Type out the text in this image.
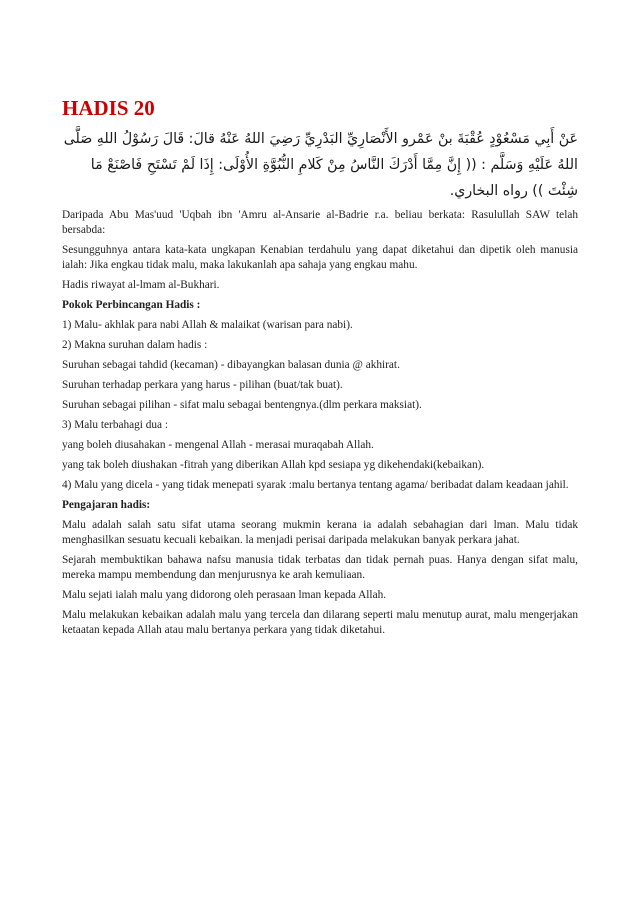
HADIS 20

عَنْ أَبِي مَسْعُوْدٍ عُقْبَةَ بنْ عَمْرو الأَنْصَارِيِّ البَدْرِيِّ رَضِيَ اللهُ عَنْهُ قالَ: قَالَ رَسُوْلُ اللهِ صَلَّى اللهُ عَلَيْهِ وَسَلَّم : (( إِنَّ مِمَّا أَدْرَكَ النَّاسُ مِنْ كَلامِ النُّبُوَّةِ الأُوْلَى: إِذَا لَمْ تَسْتَحِ فَاصْنَعْ مَا شِئْتَ )) رواه البخاري.

Daripada Abu Mas'uud 'Uqbah ibn 'Amru al-Ansarie al-Badrie r.a. beliau berkata: Rasulullah SAW telah bersabda:

Sesungguhnya antara kata-kata ungkapan Kenabian terdahulu yang dapat diketahui dan dipetik oleh manusia ialah: Jika engkau tidak malu, maka lakukanlah apa sahaja yang engkau mahu.

Hadis riwayat al-lmam al-Bukhari.

Pokok Perbincangan Hadis :

1) Malu- akhlak para nabi Allah & malaikat (warisan para nabi).

2) Makna suruhan dalam hadis :

Suruhan sebagai tahdid (kecaman) - dibayangkan balasan dunia @ akhirat.

Suruhan terhadap perkara yang harus - pilihan (buat/tak buat).

Suruhan sebagai pilihan - sifat malu sebagai bentengnya.(dlm perkara maksiat).

3) Malu terbahagi dua :

yang boleh diusahakan - mengenal Allah - merasai muraqabah Allah.

yang tak boleh diushakan -fitrah yang diberikan Allah kpd sesiapa yg dikehendaki(kebaikan).

4) Malu yang dicela - yang tidak menepati syarak :malu bertanya tentang agama/ beribadat dalam keadaan jahil.

Pengajaran hadis:

Malu adalah salah satu sifat utama seorang mukmin kerana ia adalah sebahagian dari lman. Malu tidak menghasilkan sesuatu kecuali kebaikan. la menjadi perisai daripada melakukan banyak perkara jahat.

Sejarah membuktikan bahawa nafsu manusia tidak terbatas dan tidak pernah puas. Hanya dengan sifat malu, mereka mampu membendung dan menjurusnya ke arah kemuliaan.

Malu sejati ialah malu yang didorong oleh perasaan lman kepada Allah.

Malu melakukan kebaikan adalah malu yang tercela dan dilarang seperti malu menutup aurat, malu mengerjakan ketaatan kepada Allah atau malu bertanya perkara yang tidak diketahui.
